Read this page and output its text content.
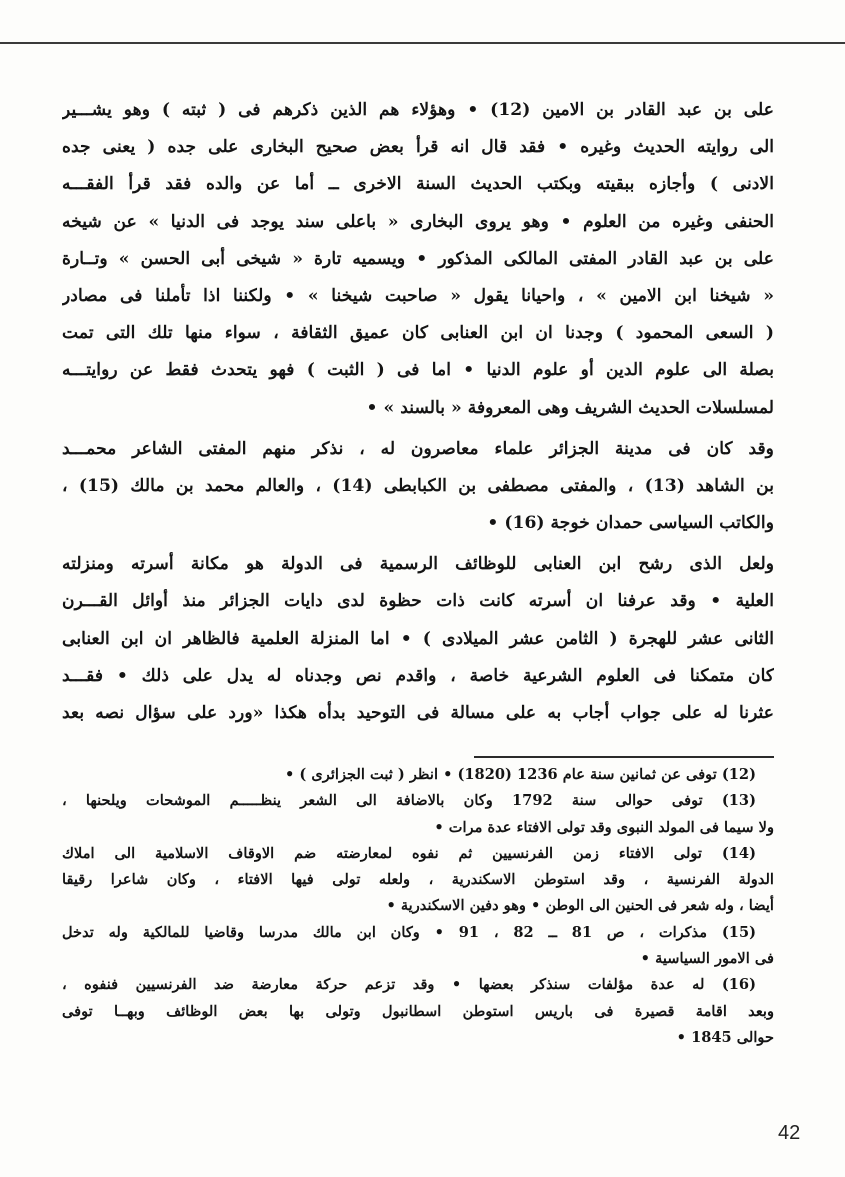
على بن عبد القادر بن الامين (12) • وهؤلاء هم الذين ذكرهم فى ( ثبته ) وهو يشـــير
الى روايته الحديث وغيره • فقد قال انه قرأ بعض صحيح البخارى على جده ( يعنى جده
الادنى ) وأجازه ببقيته وبكتب الحديث السنة الاخرى ــ أما عن والده فقد قرأ الفقـــه
الحنفى وغيره من العلوم • وهو يروى البخارى « باعلى سند يوجد فى الدنيا » عن شيخه
على بن عبد القادر المفتى المالكى المذكور • ويسميه تارة « شيخى أبى الحسن » وتــارة
« شيخنا ابن الامين » ، واحيانا يقول « صاحبت شيخنا » • ولكننا اذا تأملنا فى مصادر
( السعى المحمود ) وجدنا ان ابن العنابى كان عميق الثقافة ، سواء منها تلك التى تمت
بصلة الى علوم الدين أو علوم الدنيا • اما فى ( الثبت ) فهو يتحدث فقط عن روايتـــه
لمسلسلات الحديث الشريف وهى المعروفة « بالسند » •
وقد كان فى مدينة الجزائر علماء معاصرون له ، نذكر منهم المفتى الشاعر محمـــد
بن الشاهد (13) ، والمفتى مصطفى بن الكبابطى (14) ، والعالم محمد بن مالك (15) ،
والكاتب السياسى حمدان خوجة (16) •
ولعل الذى رشح ابن العنابى للوظائف الرسمية فى الدولة هو مكانة أسرته ومنزلته
العلية • وقد عرفنا ان أسرته كانت ذات حظوة لدى دايات الجزائر منذ أوائل القـــرن
الثانى عشر للهجرة ( الثامن عشر الميلادى ) • اما المنزلة العلمية فالظاهر ان ابن العنابى
كان متمكنا فى العلوم الشرعية خاصة ، واقدم نص وجدناه له يدل على ذلك • فقـــد
عثرنا له على جواب أجاب به على مسالة فى التوحيد بدأه هكذا «ورد على سؤال نصه بعد
(12) توفى عن ثمانين سنة عام 1236 (1820) • انظر ( ثبت الجزائرى ) •
(13) توفى حوالى سنة 1792 وكان بالاضافة الى الشعر ينظـــــم الموشحات ويلحنها ،
ولا سيما فى المولد النبوى وقد تولى الافتاء عدة مرات •
(14) تولى الافتاء زمن الفرنسيين ثم نفوه لمعارضته ضم الاوقاف الاسلامية الى املاك
الدولة الفرنسية ، وقد استوطن الاسكندرية ، ولعله تولى فيها الافتاء ، وكان شاعرا رقيقا
أيضا ، وله شعر فى الحنين الى الوطن • وهو دفين الاسكندرية •
(15) مذكرات ، ص 81 ــ 82 ، 91 • وكان ابن مالك مدرسا وقاضيا للمالكية وله تدخل
فى الامور السياسية •
(16) له عدة مؤلفات سنذكر بعضها • وقد تزعم حركة معارضة ضد الفرنسيين فنفوه ،
وبعد اقامة قصيرة فى باريس استوطن اسطانبول وتولى بها بعض الوظائف وبهــا توفى
حوالى 1845 •
42
